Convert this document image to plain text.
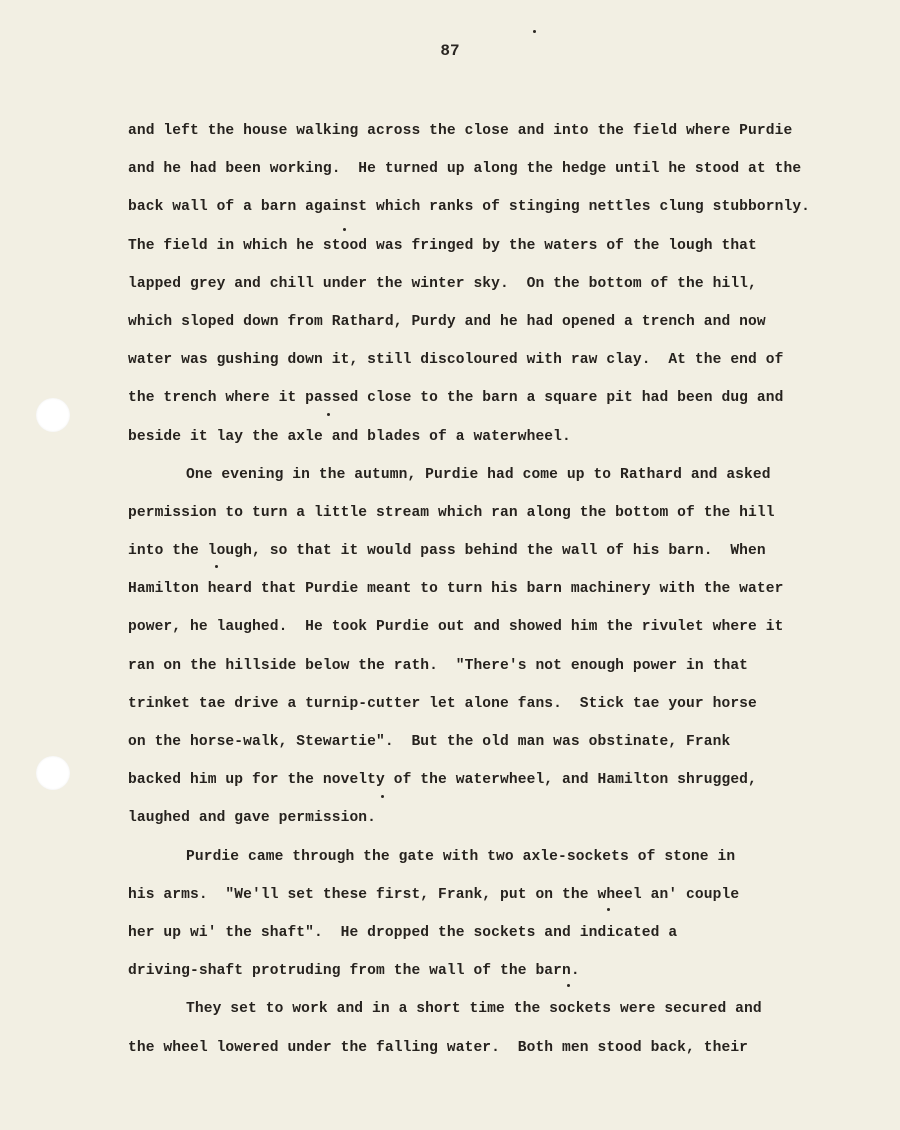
87
and left the house walking across the close and into the field where Purdie
and he had been working.  He turned up along the hedge until he stood at the
back wall of a barn against which ranks of stinging nettles clung stubbornly.
The field in which he stood was fringed by the waters of the lough that
lapped grey and chill under the winter sky.  On the bottom of the hill,
which sloped down from Rathard, Purdy and he had opened a trench and now
water was gushing down it, still discoloured with raw clay.  At the end of
the trench where it passed close to the barn a square pit had been dug and
beside it lay the axle and blades of a waterwheel.
One evening in the autumn, Purdie had come up to Rathard and asked
permission to turn a little stream which ran along the bottom of the hill
into the lough, so that it would pass behind the wall of his barn.  When
Hamilton heard that Purdie meant to turn his barn machinery with the water
power, he laughed.  He took Purdie out and showed him the rivulet where it
ran on the hillside below the rath.  "There's not enough power in that
trinket tae drive a turnip-cutter let alone fans.  Stick tae your horse
on the horse-walk, Stewartie".  But the old man was obstinate, Frank
backed him up for the novelty of the waterwheel, and Hamilton shrugged,
laughed and gave permission.
Purdie came through the gate with two axle-sockets of stone in
his arms.  "We'll set these first, Frank, put on the wheel an' couple
her up wi' the shaft".  He dropped the sockets and indicated a
driving-shaft protruding from the wall of the barn.
They set to work and in a short time the sockets were secured and
the wheel lowered under the falling water.  Both men stood back, their
